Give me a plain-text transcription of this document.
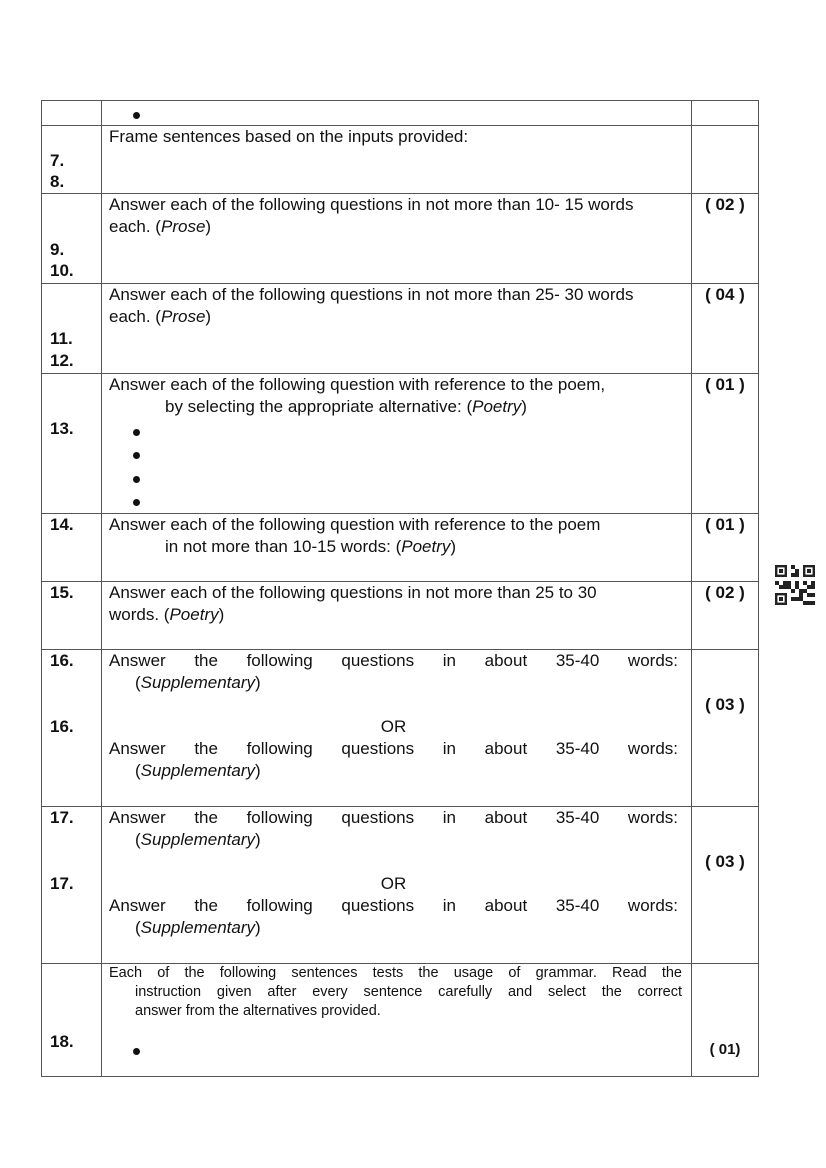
7.
8.
Frame sentences based on the inputs provided:
9.
10.
Answer each of the following questions in not more than 10- 15 words each. (Prose)
( 02 )
11.
12.
Answer each of the following questions in not more than 25- 30 words each. (Prose)
( 04 )
13.
Answer each of the following question with reference to the poem,
by selecting the appropriate alternative: (Poetry)
( 01 )
14. Answer each of the following question with reference to the poem
in not more than 10-15 words: (Poetry)
( 01 )
15. Answer each of the following questions in not more than 25 to 30
words. (Poetry)
( 02 )
16.
16.
Answer the following questions in about 35-40 words:
(Supplementary)
OR
Answer the following questions in about 35-40 words:
(Supplementary)
( 03 )
17.
17.
Answer the following questions in about 35-40 words:
(Supplementary)
OR
Answer the following questions in about 35-40 words:
(Supplementary)
( 03 )
18.
Each of the following sentences tests the usage of grammar. Read the
instruction given after every sentence carefully and select the correct
answer from the alternatives provided.
( 01)
